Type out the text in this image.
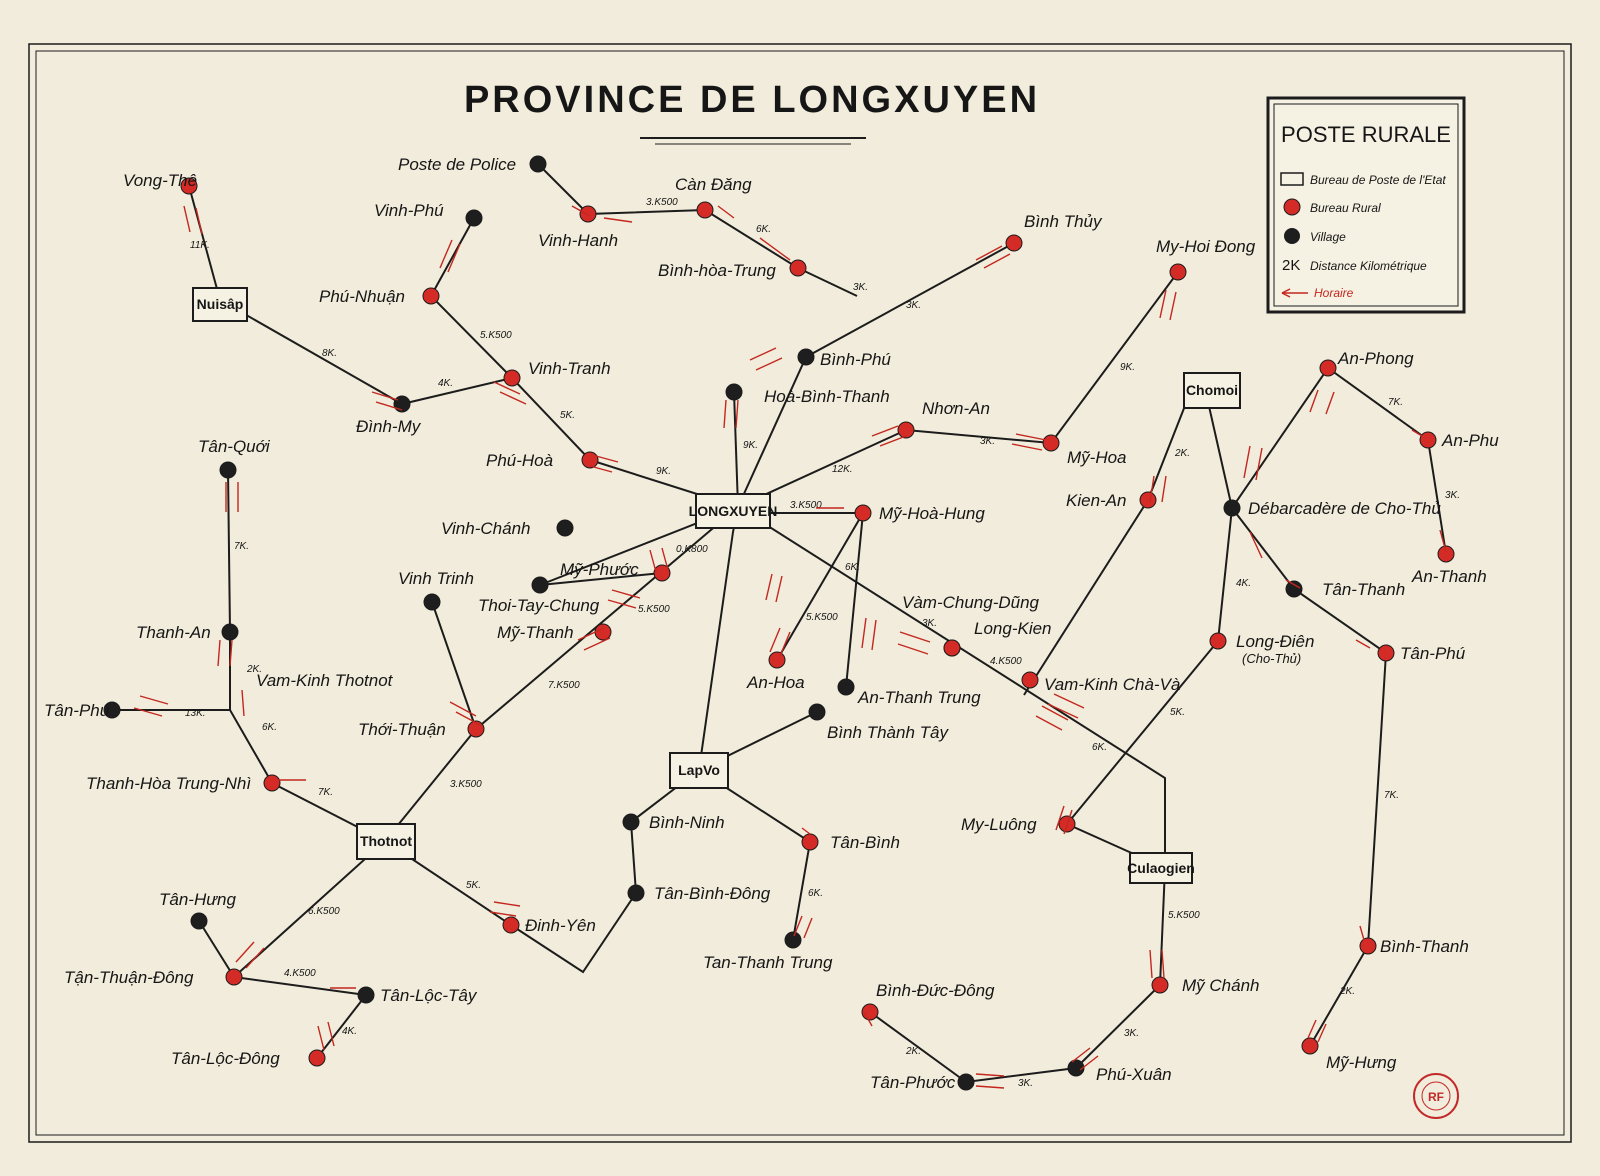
PROVINCE DE LONGXUYEN
Nuisâp
LONGXUYEN
LapVo
Thotnot
Chomoi
Culaogien
Vong-Thê
Poste de Police
Vinh-Phú
Vinh-Hanh
Càn Đăng
Bình-hòa-Trung
Bình Thủy
My-Hoi Đong
Phú-Nhuận
Vinh-Tranh
Đình-My
Bình-Phú
Hoà-Bình-Thanh
Nhơn-An
Mỹ-Hoa
Phú-Hoà
Vinh-Chánh
Tân-Quới
Mỹ-Hoà-Hung
Mỹ-Phước
Thoi-Tay-Chung
Vinh Trinh
Mỹ-Thanh
An-Hoa
An-Thanh Trung
Vàm-Chung-Dũng
Long-Kien
Vam-Kinh Chà-Và
Kien-An
Long-Điên
(Cho-Thủ)
Débarcadère de Cho-Thủ
Tân-Thanh
An-Phong
An-Phu
An-Thanh
Tân-Phú
Thanh-An
Vam-Kinh Thotnot
Tân-Phú
Thới-Thuận	Bình Thành Tây
Thanh-Hòa Trung-Nhì
Bình-Ninh
Tân-Bình
My-Luông
Tân-Bình-Đông
Tan-Thanh Trung
Đinh-Yên
Tân-Hưng
Tận-Thuận-Đông
Tân-Lộc-Tây
Tân-Lộc-Đông
Bình-Đức-Đông	Mỹ Chánh
Bình-Thanh
Phú-Xuân
Tân-Phước
Mỹ-Hưng
11K.
8K.
4K.
5.K500
3.K500
6K.
3K.
3K.
9K.	12K.
3.K500
9K.	3K.
5K.
2K.
9K.
7K.
3K.
7K.
2K.
6K.
13K.
7K.
3.K500
7.K500
5.K500
3K.
4.K500
6K.
5K.
4K.
6K.
6.K500
4.K500
4K.
5K.
5.K500
7K.
2K.
3K.
2K.
3K.
6K.
0.K800
5.K500
POSTE RURALE
Bureau de Poste de l'Etat
Bureau Rural
Village
2K Distance Kilométrique
Horaire
RF
